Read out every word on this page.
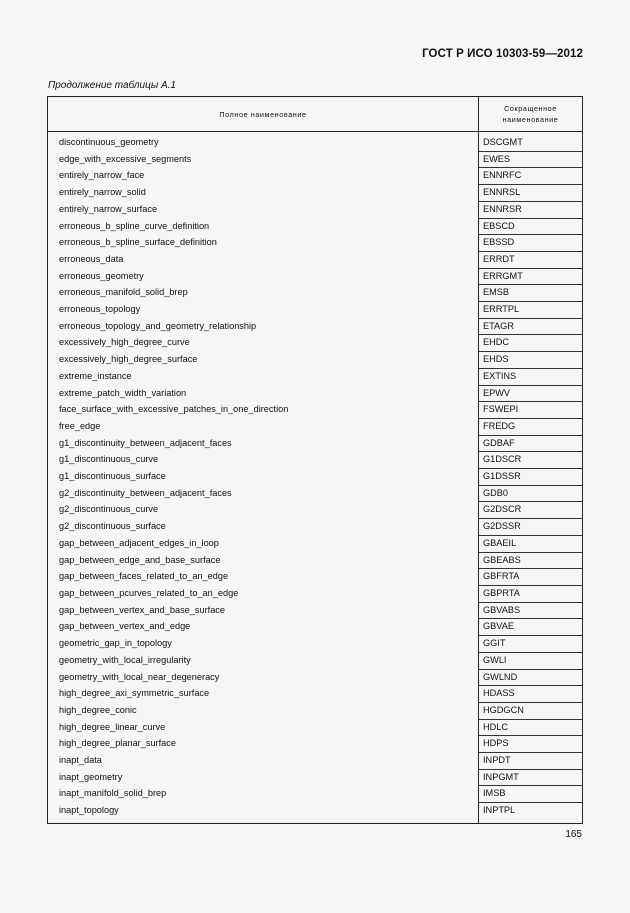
ГОСТ Р ИСО 10303-59—2012
Продолжение таблицы А.1
Полное наименование	Сокращенное
наименование
discontinuous_geometry	DSCGMT
edge_with_excessive_segments	EWES
entirely_narrow_face	ENNRFC
entirely_narrow_solid	ENNRSL
entirely_narrow_surface	ENNRSR
erroneous_b_spline_curve_definition	EBSCD
erroneous_b_spline_surface_definition	EBSSD
erroneous_data	ERRDT
erroneous_geometry	ERRGMT
erroneous_manifold_solid_brep	EMSB
erroneous_topology	ERRTPL
erroneous_topology_and_geometry_relationship	ETAGR
excessively_high_degree_curve	EHDC
excessively_high_degree_surface	EHDS
extreme_instance	EXTINS
extreme_patch_width_variation	EPWV
face_surface_with_excessive_patches_in_one_direction	FSWEPI
free_edge	FREDG
g1_discontinuity_between_adjacent_faces	GDBAF
g1_discontinuous_curve	G1DSCR
g1_discontinuous_surface	G1DSSR
g2_discontinuity_between_adjacent_faces	GDB0
g2_discontinuous_curve	G2DSCR
g2_discontinuous_surface	G2DSSR
gap_between_adjacent_edges_in_loop	GBAEIL
gap_between_edge_and_base_surface	GBEABS
gap_between_faces_related_to_an_edge	GBFRTA
gap_between_pcurves_related_to_an_edge	GBPRTA
gap_between_vertex_and_base_surface	GBVABS
gap_between_vertex_and_edge	GBVAE
geometric_gap_in_topology	GGIT
geometry_with_local_irregularity	GWLI
geometry_with_local_near_degeneracy	GWLND
high_degree_axi_symmetric_surface	HDASS
high_degree_conic	HGDGCN
high_degree_linear_curve	HDLC
high_degree_planar_surface	HDPS
inapt_data	INPDT
inapt_geometry	INPGMT
inapt_manifold_solid_brep	IMSB
inapt_topology	INPTPL
165
